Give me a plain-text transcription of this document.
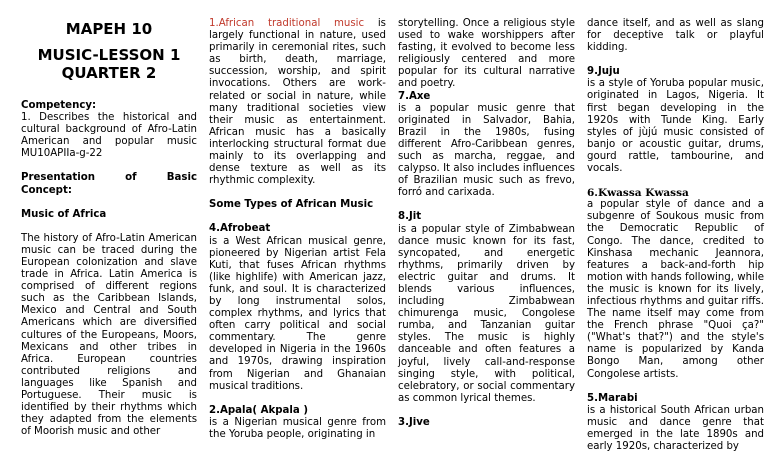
MAPEH 10

MUSIC-LESSON 1

QUARTER 2

Competency:

1. Describes the historical and cultural background of Afro-Latin American and popular music MU10APIIa-g-22

Presentation of Basic Concept:

Music of Africa

The history of Afro-Latin American music can be traced during the European colonization and slave trade in Africa. Latin America is comprised of different regions such as the Caribbean Islands, Mexico and Central and South Americans which are diversified cultures of the Europeans, Moors, Mexicans and other tribes in Africa. European countries contributed religions and languages like Spanish and Portuguese. Their music is identified by their rhythms which they adapted from the elements of Moorish music and other

1.African traditional music is largely functional in nature, used primarily in ceremonial rites, such as birth, death, marriage, succession, worship, and spirit invocations. Others are work-related or social in nature, while many traditional societies view their music as entertainment. African music has a basically interlocking structural format due mainly to its overlapping and dense texture as well as its rhythmic complexity.

Some Types of African Music

4.Afrobeat

is a West African musical genre, pioneered by Nigerian artist Fela Kuti, that fuses African rhythms (like highlife) with American jazz, funk, and soul. It is characterized by long instrumental solos, complex rhythms, and lyrics that often carry political and social commentary. The genre developed in Nigeria in the 1960s and 1970s, drawing inspiration from Nigerian and Ghanaian musical traditions.

2.Apala( Akpala )

is a Nigerian musical genre from the Yoruba people, originating in

storytelling. Once a religious style used to wake worshippers after fasting, it evolved to become less religiously centered and more popular for its cultural narrative and poetry.

7.Axe

is a popular music genre that originated in Salvador, Bahia, Brazil in the 1980s, fusing different Afro-Caribbean genres, such as marcha, reggae, and calypso. It also includes influences of Brazilian music such as frevo, forró and carixada.

8.Jit

is a popular style of Zimbabwean dance music known for its fast, syncopated, and energetic rhythms, primarily driven by electric guitar and drums. It blends various influences, including Zimbabwean chimurenga music, Congolese rumba, and Tanzanian guitar styles. The music is highly danceable and often features a joyful, lively call-and-response singing style, with political, celebratory, or social commentary as common lyrical themes.

3.Jive

dance itself, and as well as slang for deceptive talk or playful kidding.

9.Juju

is a style of Yoruba popular music, originated in Lagos, Nigeria. It first began developing in the 1920s with Tunde King. Early styles of jùjú music consisted of banjo or acoustic guitar, drums, gourd rattle, tambourine, and vocals.

6.Kwassa Kwassa

a popular style of dance and a subgenre of Soukous music from the Democratic Republic of Congo. The dance, credited to Kinshasa mechanic Jeannora, features a back-and-forth hip motion with hands following, while the music is known for its lively, infectious rhythms and guitar riffs. The name itself may come from the French phrase "Quoi ça?" ("What's that?") and the style's name is popularized by Kanda Bongo Man, among other Congolese artists.

5.Marabi

is a historical South African urban music and dance genre that emerged in the late 1890s and early 1920s, characterized by
